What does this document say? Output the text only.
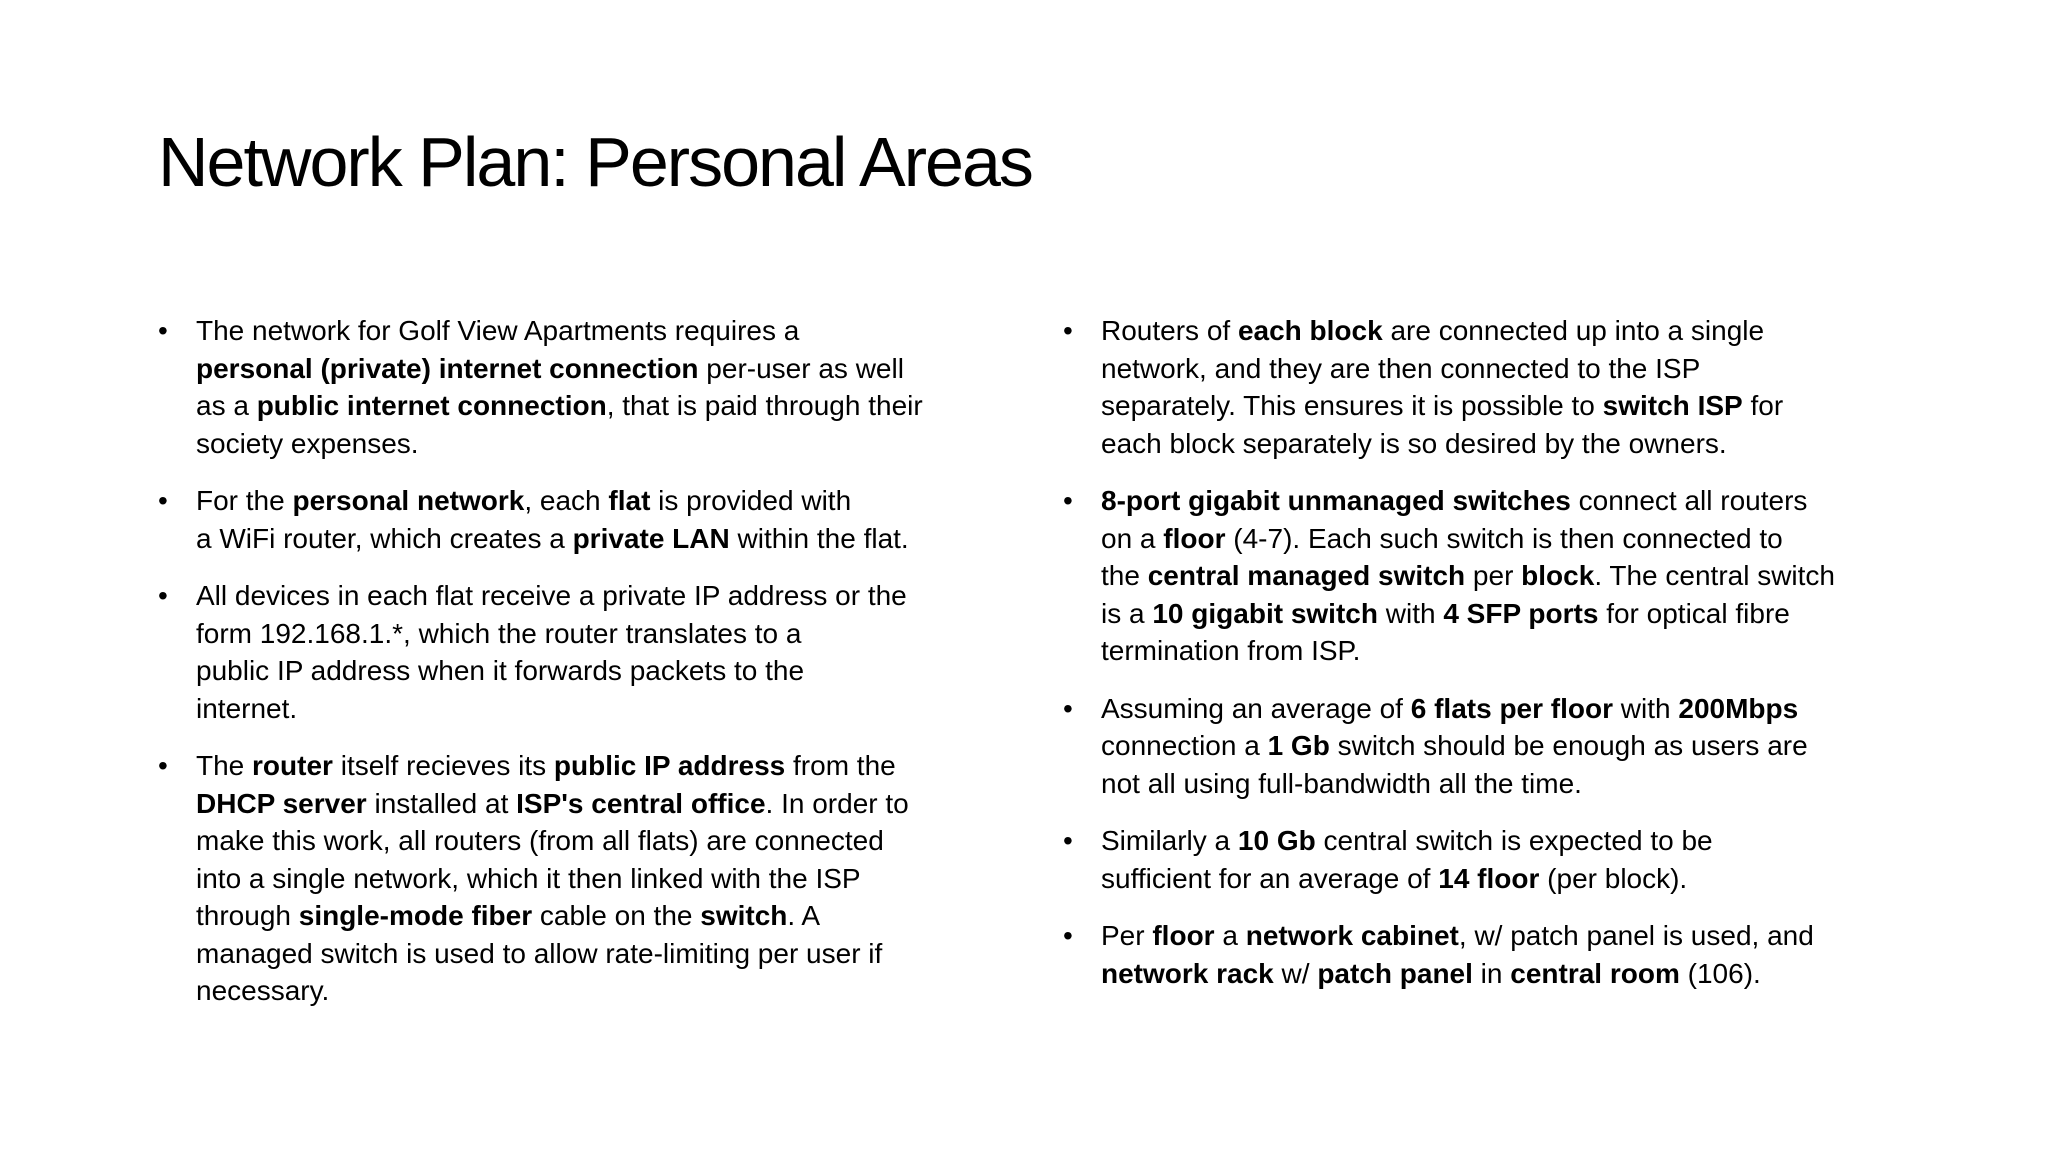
Network Plan: Personal Areas
• The network for Golf View Apartments requires a
personal (private) internet connection per-user as well
as a public internet connection, that is paid through their
society expenses.
• For the personal network, each flat is provided with
a WiFi router, which creates a private LAN within the flat.
• All devices in each flat receive a private IP address or the
form 192.168.1.*, which the router translates to a
public IP address when it forwards packets to the
internet.
• The router itself recieves its public IP address from the
DHCP server installed at ISP's central office. In order to
make this work, all routers (from all flats) are connected
into a single network, which it then linked with the ISP
through single-mode fiber cable on the switch. A
managed switch is used to allow rate-limiting per user if
necessary.
• Routers of each block are connected up into a single
network, and they are then connected to the ISP
separately. This ensures it is possible to switch ISP for
each block separately is so desired by the owners.
• 8-port gigabit unmanaged switches connect all routers
on a floor (4-7). Each such switch is then connected to
the central managed switch per block. The central switch
is a 10 gigabit switch with 4 SFP ports for optical fibre
termination from ISP.
• Assuming an average of 6 flats per floor with 200Mbps
connection a 1 Gb switch should be enough as users are
not all using full-bandwidth all the time.
• Similarly a 10 Gb central switch is expected to be
sufficient for an average of 14 floor (per block).
• Per floor a network cabinet, w/ patch panel is used, and
network rack w/ patch panel in central room (106).
